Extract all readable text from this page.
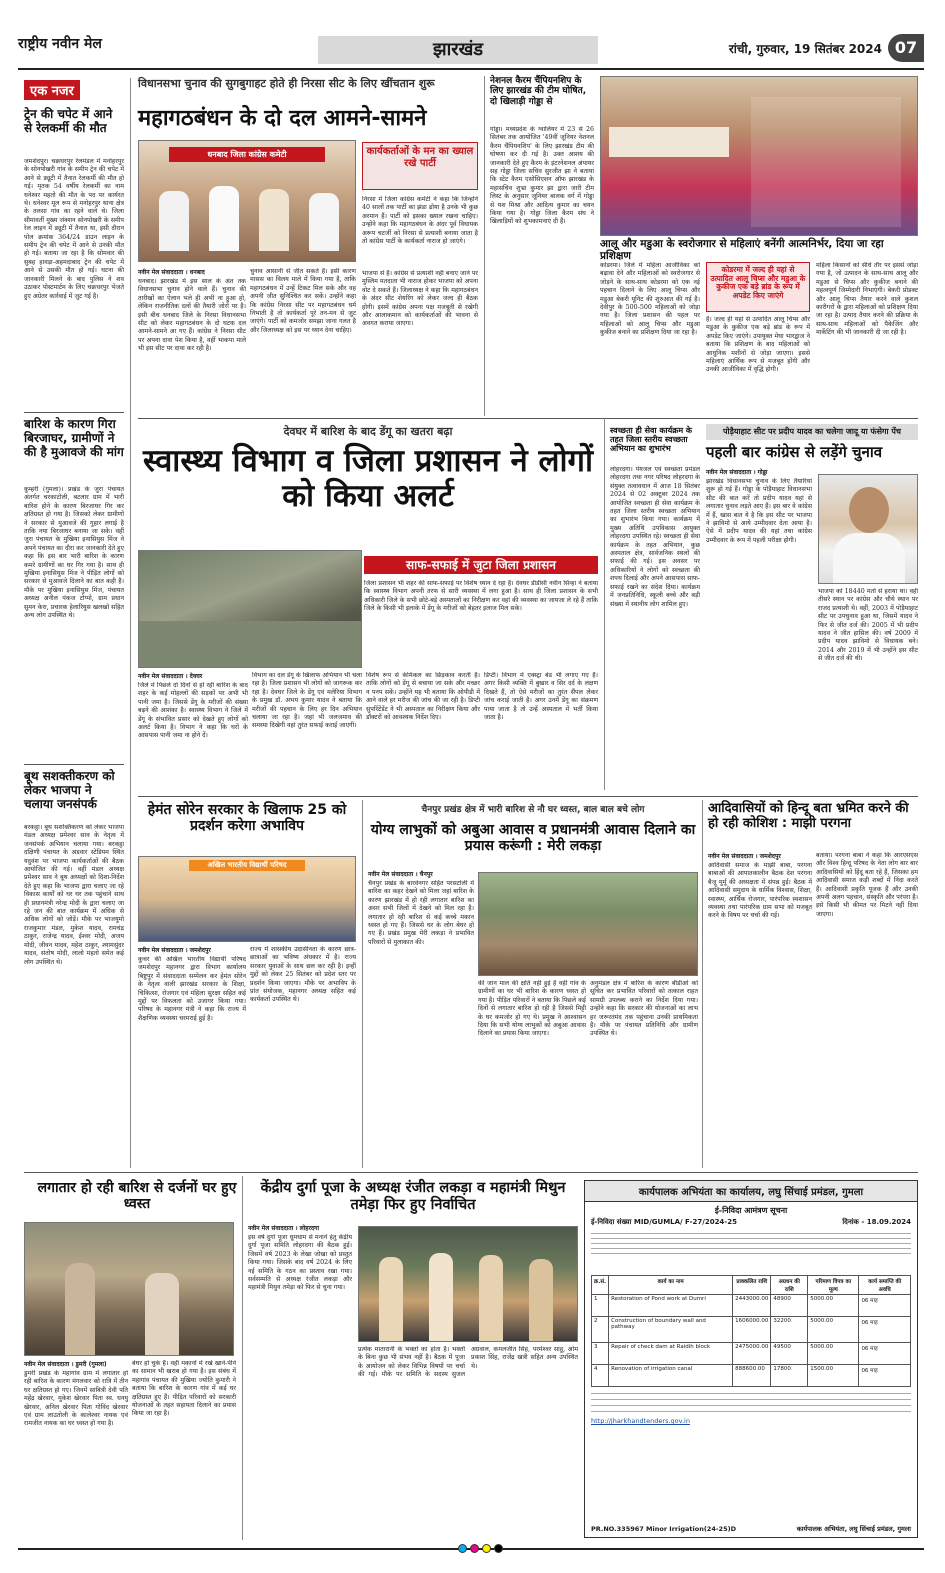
राष्ट्रीय नवीन मेल	झारखंड	रांची, गुरुवार, 19 सितंबर 2024 07
एक नजर
ट्रेन की चपेट में आने से रेलकर्मी की मौत
जमशेदपुर। चक्रधरपुर रेलमंडल में मनोहरपुर के सोनपोखरी गांव के समीप ट्रेन की चपेट में आने से ड्यूटी में तैनात रेलकर्मी की मौत हो गई। मृतक 54 वर्षीय रेलकर्मी का नाम धनेश्वर महतो की मौत के पद पर कार्यरत थे। धनेश्वर मूल रूप से मनोहरपुर थाना क्षेत्र के तलसा गांव का रहने वाले थे। जिला सीमावर्ती मुख्य जंक्शन सोनपोखरी के समीप रेल लाइन में ड्यूटी में तैनात था, इसी दौरान पोल क्रमांक 364/24 डाउन लाइन के समीप ट्रेन की चपेट में आने से उनकी मौत हो गई। बताया जा रहा है कि सोमवार की सुबह हावड़ा-अहमदाबाद ट्रेन की चपेट में आने से उसकी मौत हो गई। घटना की जानकारी मिलने के बाद पुलिस ने शव उठाकर पोस्टमार्टम के लिए चक्रधरपुर भेजते हुए अग्रेतर कार्रवाई में जुट गई है।
बारिश के कारण गिरा बिरजाघर, ग्रामीणों ने की है मुआवजे की मांग
कुम्हरी (गुमला)। प्रखंड के जुरा पंचायत अंतर्गत चरकाटोली, बटलार ग्राम में भारी बारिश होने के कारण बिरजाघर गिर कर क्षतिग्रस्त हो गया है। जिसको लेकर ग्रामीणों ने सरकार से मुआवजे की गुहार लगाई है ताकि नया बिरजाघर बनाया जा सके। वहीं जुरा पंचायत के मुखिया इनासियुस मिंज ने अपने पंचायत का दौरा कर जानकारी देते हुए कहा कि इस बार भारी बारिश के कारण कमरे ग्रामीणों का घर गिर गया है। साथ ही मुखिया इनासियुस मिंज ने पीड़ित लोगों को सरकार से मुआवजे दिलाने का बात कही है। मौके पर मुखिया इनासियुस मिंज, पंचायत अध्यक्ष अनील पंकज टोप्पो, ग्राम प्रधान सुमन केरा, प्रचारक हेलारियुस खलखो सहित अन्य लोग उपस्थित थे।
बूथ सशक्तीकरण को लेकर भाजपा ने चलाया जनसंपर्क
बरकट्ठा। बूथ सशक्तिकरण को लेकर भाजपा मंडल अध्यक्ष प्रमेश्वर साव के नेतृत्व में जनसंपर्क अभियान चलाया गया। बरकट्ठा दक्षिणी पंचायत के अडवार स्टेडियम स्थित यदुवंश पर भाजपा कार्यकर्ताओं की बैठक आयोजित की गई। वहीं मंडल अध्यक्ष प्रमेश्वर साव ने बूथ अध्यक्षों को दिशा-निर्देश देते हुए कहा कि भाजपा द्वारा चलाए जा रहे विकास कार्यों को घर घर तक पहुंचाने साथ ही प्रधानमंत्री नरेन्द्र मोदी के द्वारा चलाए जा रहे जन की बात कार्यक्रम में अधिक से अधिक लोगों को जोड़ें। मौके पर भाजयुमो राजकुमार मंडल, मुकेश यादव, रामचंद्र ठाकुर, राजेन्द्र यादव, ईश्वर मोदी, अजय मोदी, जीवन यादव, महेश ठाकुर, श्यामसुंदर यादव, संतोष मोदी, लालो महतो समेत कई लोग उपस्थित थे।
विधानसभा चुनाव की सुगबुगाहट होते ही निरसा सीट के लिए खींचतान शुरू
महागठबंधन के दो दल आमने-सामने
धनबाद जिला कांग्रेस कमेटी	कार्यकर्ताओं के मन का ख्याल रखे पार्टी
निरसा में जिला कांग्रेस कमेटी ने कहा कि जिन्होंने 40 सालों तक पार्टी का झंडा ढोया है उनके भी कुछ अरमान हैं। पार्टी को इसका ख्याल रखना चाहिए। उन्होंने कहा कि महागठबंधन के अंदर पूर्व विधायक अरूप चटर्जी को निरसा से प्रत्याशी बनाया जाता है तो कांग्रेस पार्टी के कार्यकर्ता नाराज हो जाएंगे।
नवीन मेल संवाददाता । धनबाद
धनबाद। झारखंड में इस साल के अंत तक विधानसभा चुनाव होने वाले हैं। चुनाव की तारीखों का ऐलान भले ही अभी ना हुआ हो, लेकिन राजनीतिक दलों की तैयारी जोरों पर है। इसी बीच धनबाद जिले के निरसा विधानसभा सीट को लेकर महागठबंधन के दो घटक दल आमने-सामने आ गए हैं। कांग्रेस ने निरसा सीट पर अपना दावा पेश किया है, वहीं भाकपा माले भी इस सीट पर दावा कर रही है।
चुनाव आसानी से जीत सकते हैं। इसी कारण मासस का विलय माले में किया गया है, ताकि महागठबंधन में उन्हें टिकट मिल सके और वह अपनी जीत सुनिश्चित कर सकें। उन्होंने कहा कि कांग्रेस निरसा सीट पर महागठबंधन धर्म निभाती है तो कार्यकर्ता पूरे तन-मन से जुट जाएंगे। पार्टी को कमजोर समझा जाना गलत है और जिलाध्यक्ष को इस पर ध्यान देना चाहिए।
भाजपा से है। कांग्रेस से प्रत्याशी नहीं बनाए जाने पर मुस्लिम मतदाता भी नाराज होकर भाजपा को अपना वोट दे सकते हैं। जिलाध्यक्ष ने कहा कि महागठबंधन के अंदर सीट शेयरिंग को लेकर जल्द ही बैठक होगी। इसमें कांग्रेस अपना पक्ष मजबूती से रखेगी और आलाकमान को कार्यकर्ताओं की भावना से अवगत कराया जाएगा।
नेशनल कैरम चैंपियनशिप के लिए झारखंड की टीम घोषित, दो खिलाड़ी गोड्डा से
गोड्डा। मध्यप्रदेश के ग्वालियर में 23 से 26 सितंबर तक आयोजित '49वीं जूनियर नेशनल कैरम चैंपियनशिप' के लिए झारखंड टीम की घोषणा कर दी गई है। उक्त आशय की जानकारी देते हुए कैरम के इंटरनेशनल अंपायर सह गोड्डा जिला सचिव सुरजीत झा ने बताया कि स्टेट कैरम एसोसिएशन ऑफ झारखंड के महासचिव शुभ्रा कुमार झा द्वारा जारी टीम लिस्ट के अनुसार जूनियर बालक वर्ग में गोड्डा से यश मिश्रा और आदित्य कुमार का चयन किया गया है। गोड्डा जिला कैरम संघ ने खिलाड़ियों को शुभकामनाएं दी हैं।
आलू और मडुआ के स्वरोजगार से महिलाएं बनेंगी आत्मनिर्भर, दिया जा रहा प्रशिक्षण
कोडरमा। जिले में महिला आजीविका को बढ़ावा देने और महिलाओं को स्वरोजगार से जोड़ने के साथ-साथ कोडरमा को एक नई पहचान दिलाने के लिए आलू चिप्स और मडुआ बेकरी यूनिट की शुरुआत की गई है। देवीपुर के 500-500 महिलाओं को जोड़ा गया है। जिला प्रशासन की पहल पर महिलाओं को आलू चिप्स और मडुआ कुकीज बनाने का प्रशिक्षण दिया जा रहा है।
कोडरमा में जल्द ही यहां से उत्पादित आलू चिप्स और मडुआ के कुकीज एक बड़े ब्रांड के रूप में अपडेट किए जाएंगे
है। जल्द ही यहां से उत्पादित आलू चिप्स और मडुआ के कुकीज एक बड़े ब्रांड के रूप में अपडेट किए जाएंगे। उपायुक्त मेघा भारद्वाज ने बताया कि प्रशिक्षण के बाद महिलाओं को आधुनिक मशीनों से जोड़ा जाएगा। इससे महिलाएं आर्थिक रूप से मजबूत होंगी और उनकी आजीविका में वृद्धि होगी।
महिला किसानों को सीधे तौर पर इससे जोड़ा गया है, जो उत्पादन के साथ-साथ आलू और मडुआ से चिप्स और कुकीज बनाने की महत्वपूर्ण जिम्मेदारी निभाएंगी। बेकरी प्रोडक्ट और आलू चिप्स तैयार करने वाले कुशल कारीगरों के द्वारा महिलाओं को प्रशिक्षण दिया जा रहा है। उत्पाद तैयार करने की प्रक्रिया के साथ-साथ महिलाओं को पैकेजिंग और मार्केटिंग की भी जानकारी दी जा रही है।
देवघर में बारिश के बाद डेंगू का खतरा बढ़ा
स्वास्थ्य विभाग व जिला प्रशासन ने लोगों को किया अलर्ट
साफ-सफाई में जुटा जिला प्रशासन
जिला प्रशासन भी शहर की साफ-सफाई पर विशेष ध्यान दे रहा है। देवघर डीडीसी नवीन सिन्हा ने बताया कि स्वास्थ्य विभाग अपनी तरफ से सारी व्यवस्था में लगा हुआ है। साथ ही जिला प्रशासन के सभी अधिकारी जिले के सभी छोटे-बड़े अस्पतालों का निरीक्षण कर वहां की व्यवस्था का जायजा ले रहे हैं ताकि जिले के किसी भी इलाके में डेंगू के मरीजों को बेहतर इलाज मिल सके।
नवीन मेल संवाददाता । देवघर
जिले में पिछले दो दिनों से हो रही बारिश के बाद शहर के कई मोहल्लों की सड़कों पर अभी भी पानी जमा है। जिससे डेंगू के मरीजों की संख्या बढ़ने की आशंका है। स्वास्थ्य विभाग ने जिले में डेंगू के संभावित प्रसार को देखते हुए लोगों को अलर्ट किया है। विभाग ने कहा कि घरों के आसपास पानी जमा ना होने दें।
विभाग का दल डेंगू के खिलाफ अभियान भी चला रहा है। जिला प्रशासन भी लोगों को जागरूक कर रहा है। देवघर जिले के डेंगू एवं मलेरिया विभाग के प्रमुख डॉ. अभय कुमार यादव ने बताया कि मरीजों की पहचान के लिए हर दिन अभियान चलाया जा रहा है। जहां भी जलजमाव की समस्या दिखेगी वहां तुरंत सफाई कराई जाएगी।
विशेष रूप से केमिकल का छिड़काव करती है। ताकि लोगों को डेंगू से बचाया जा सके और मच्छर न पनप सकें। उन्होंने यह भी बताया कि ओपीडी में आने वाले हर मरीज की जांच की जा रही है। डिप्टी सुपरिंटेंडेंट ने भी अस्पताल का निरीक्षण किया और डॉक्टरों को आवश्यक निर्देश दिए।
डिप्टी। विभाग में एक्स्ट्रा बेड भी लगाए गए हैं। अगर किसी व्यक्ति में बुखार व सिर दर्द के लक्षण दिखते हैं, तो ऐसे मरीजों का तुरंत सैंपल लेकर जांच कराई जाती है। अगर उनमें डेंगू का संक्रमण पाया जाता है तो उन्हें अस्पताल में भर्ती किया जाता है।
स्वच्छता ही सेवा कार्यक्रम के तहत जिला स्तरीय स्वच्छता अभियान का शुभारंभ
लोहरदगा। पेयजल एवं स्वच्छता प्रमंडल लोहरदगा तथा नगर परिषद लोहरदगा के संयुक्त तत्वावधान में आज 18 सितंबर 2024 से 02 अक्टूबर 2024 तक आयोजित स्वच्छता ही सेवा कार्यक्रम के तहत जिला स्तरीय स्वच्छता अभियान का शुभारंभ किया गया। कार्यक्रम में मुख्य अतिथि उपविकास आयुक्त लोहरदगा उपस्थित रहे। स्वच्छता ही सेवा कार्यक्रम के तहत अभियान, कुछ अस्पताल क्षेत्र, सार्वजनिक स्थलों की सफाई की गई। इस अवसर पर अधिकारियों ने लोगों को स्वच्छता की शपथ दिलाई और अपने आसपास साफ-सफाई रखने का संदेश दिया। कार्यक्रम में जनप्रतिनिधि, स्कूली बच्चे और बड़ी संख्या में स्थानीय लोग शामिल हुए।
पोड़ैयाहाट सीट पर प्रदीप यादव का चलेगा जादू या फंसेगा पेंच
पहली बार कांग्रेस से लड़ेंगे चुनाव
नवीन मेल संवाददाता । गोड्डा
झारखंड विधानसभा चुनाव के लिए तैयारियां शुरू हो गई हैं। गोड्डा के पोड़ैयाहाट विधानसभा सीट की बात करें तो प्रदीप यादव यहां से लगातार चुनाव लड़ते आए हैं। इस बार वे कांग्रेस में हैं, खास बात ये है कि इस सीट पर भाजपा ने झाविमो से आये उम्मीदवार देता आया है। ऐसे में प्रदीप यादव की यहां तथा कांग्रेस उम्मीदवार के रूप में पहली परीक्षा होगी।
भाजपा को 18440 मतों से हराया था। वहीं तीसरे स्थान पर कांग्रेस और चौथे स्थान पर राजद प्रत्याशी थे। वहीं, 2003 में पोड़ैयाहाट सीट पर उपचुनाव हुआ था, जिसमें यादव ने फिर से जीत दर्ज की। 2005 में भी प्रदीप यादव ने जीत हासिल की। वर्ष 2009 में प्रदीप यादव झाविमो से विधायक बने। 2014 और 2019 में भी उन्होंने इस सीट से जीत दर्ज की थी।
हेमंत सोरेन सरकार के खिलाफ 25 को प्रदर्शन करेगा अभाविप
अखिल भारतीय विद्यार्थी परिषद
नवीन मेल संवाददाता । जमशेदपुर
कुचर की अखिल भारतीय विद्यार्थी परिषद जमशेदपुर महानगर द्वारा विभाग कार्यालय बिष्टुपुर में संवाददाता सम्मेलन कर हेमंत सोरेन के नेतृत्व वाली झारखंड सरकार के शिक्षा, चिकित्सा, रोजगार एवं महिला सुरक्षा सहित कई मुद्दों पर विफलता को उजागर किया गया। परिषद के महानगर मंत्री ने कहा कि राज्य में शैक्षणिक व्यवस्था चरमराई हुई है।
राज्य में शासकीय उदासीनता के कारण छात्र-छात्राओं का भविष्य अंधकार में है। राज्य सरकार युवाओं के साथ छल कर रही है। इन्हीं मुद्दों को लेकर 25 सितंबर को प्रदेश स्तर पर प्रदर्शन किया जाएगा। मौके पर अभाविप के प्रांत संयोजक, महानगर अध्यक्ष सहित कई कार्यकर्ता उपस्थित थे।
चैनपुर प्रखंड क्षेत्र में भारी बारिश से नौ घर ध्वस्त, बाल बाल बचे लोग
योग्य लाभुकों को अबुआ आवास व प्रधानमंत्री आवास दिलाने का प्रयास करूंगी : मेरी लकड़ा
नवीन मेल संवाददाता । चैनपुर
चैनपुर प्रखंड के बारवेनगर सहित परसटोली में बारिश का कहर देखने को मिला जहां बारिश के कारण झारखंड में हो रही लगातार बारिश का असर सभी जिलों में देखने को मिल रहा है। लगातार हो रही बारिश से कई कच्चे मकान ध्वस्त हो गए हैं। जिससे घर के लोग बेघर हो गए हैं। प्रखंड प्रमुख मेरी लकड़ा ने प्रभावित परिवारों से मुलाकात की।
की जान माल की क्षति नहीं हुई है वहीं गांव के ग्रामीणों का घर भी बारिश के कारण ध्वस्त हो गया है। पीड़ित परिवारों ने बताया कि पिछले कई दिनों से लगातार बारिश हो रही है जिससे मिट्टी के घर कमजोर हो गए थे। प्रमुख ने आश्वासन दिया कि सभी योग्य लाभुकों को अबुआ आवास दिलाने का प्रयास किया जाएगा।
अनुमंडल क्षेत्र में बारिश के कारण बीडीओ को सूचित कर प्रभावित परिवारों को तत्काल राहत सामग्री उपलब्ध कराने का निर्देश दिया गया। उन्होंने कहा कि सरकार की योजनाओं का लाभ हर जरूरतमंद तक पहुंचाना उनकी प्राथमिकता है। मौके पर पंचायत प्रतिनिधि और ग्रामीण उपस्थित थे।
आदिवासियों को हिन्दू बता भ्रमित करने की हो रही कोशिश : माझी परगना
नवीन मेल संवाददाता । जमशेदपुर
आदिवासी समाज के माझी बाबा, परगना बाबाओं की आपातकालीन बैठक देश परगना बैजू मुर्मू की अध्यक्षता में संपन्न हुई। बैठक में आदिवासी समुदाय के धार्मिक विश्वास, शिक्षा, स्वास्थ्य, आर्थिक रोजगार, पारंपरिक स्वशासन व्यवस्था तथा पारंपरिक ग्राम सभा को मजबूत करने के विषय पर चर्चा की गई।
बताया। परगना बाबा ने कहा कि आरएसएस और विश्व हिन्दू परिषद के नेता लोग बार बार आदिवासियों को हिंदू बता रहे हैं, जिसका हम आदिवासी समाज कड़ी शब्दों में निंदा करते हैं। आदिवासी प्रकृति पूजक हैं और उनकी अपनी अलग पहचान, संस्कृति और परंपरा है। इसे किसी भी कीमत पर मिटने नहीं दिया जाएगा।
लगातार हो रही बारिश से दर्जनों घर हुए ध्वस्त
नवीन मेल संवाददाता । डुमरी (गुमला)
डुमरी प्रखंड के महागांव ग्राम में लगातार हो रही बारिश के कारण मंगलवार को रात्रि में तीन घर क्षतिग्रस्त हो गए। जिनमें साबित्री देवी पति महेंद्र खेरवार, मुकेश खेरवार पिता स्व. धनयु खेरवार, अनिल खेरवार पिता गोविंद खेरवार एवं ग्राम लाउतोली के कालेश्वर नायक एवं रामजीत नायक का घर ध्वस्त हो गया है।
बेघर हो चुके हैं। वहीं मकानों में रखे खाने-पीने का सामान भी खराब हो गया है। इस संबंध में महागांव पंचायत की मुखिया ज्योति कुमारी ने बताया कि बारिश के कारण गांव में कई घर क्षतिग्रस्त हुए हैं। पीड़ित परिवारों को सरकारी योजनाओं के तहत सहायता दिलाने का प्रयास किया जा रहा है।
केंद्रीय दुर्गा पूजा के अध्यक्ष रंजीत लकड़ा व महामंत्री मिथुन तमेड़ा फिर हुए निर्वाचित
नवीन मेल संवाददाता । लोहरदगा
इस वर्ष दुर्गा पूजा धूमधाम से मनाने हेतु केंद्रीय दुर्गा पूजा समिति लोहरदगा की बैठक हुई। जिसमें वर्ष 2023 के लेखा जोखा को प्रस्तुत किया गया। जिसके बाद वर्ष 2024 के लिए नई समिति के गठन का प्रस्ताव रखा गया। सर्वसम्मति से अध्यक्ष रंजीत लकड़ा और महामंत्री मिथुन तमेड़ा को फिर से चुना गया।
प्रत्येक मातारानी के भक्तों का होता है। भक्तों के बिना कुछ भी संभव नहीं है। बैठक में पूजा के आयोजन को लेकर विभिन्न विषयों पर चर्चा की गई। मौके पर समिति के सदस्य सुजल अग्रवाल, कमलजीत सिंह, परमेश्वर साहू, ओम प्रकाश सिंह, राजेंद्र खत्री सहित अन्य उपस्थित थे।
कार्यपालक अभियंता का कार्यालय, लघु सिंचाई प्रमंडल, गुमला
ई-निविदा आमंत्रण सूचना
ई-निविदा संख्या MID/GUMLA/ F-27/2024-25	दिनांक - 18.09.2024
क्र.सं.	कार्य का नाम	प्राक्कलित राशि	अग्रधन की राशि	परिमाण विपत्र का मूल्य	कार्य समाप्ति की अवधि
1	Restoration of Pond work at Dumri	2443000.00	48900	5000.00	06 माह
2	Construction of boundary wall and pathway	1606000.00	32200	5000.00	06 माह
3	Repair of check dam at Raidih block	2475000.00	49500	5000.00	06 माह
4	Renovation of irrigation canal	888600.00	17800	1500.00	06 माह
http://jharkhandtenders.gov.in
PR.NO.335967 Minor Irrigation(24-25)D	कार्यपालक अभियंता, लघु सिंचाई प्रमंडल, गुमला
